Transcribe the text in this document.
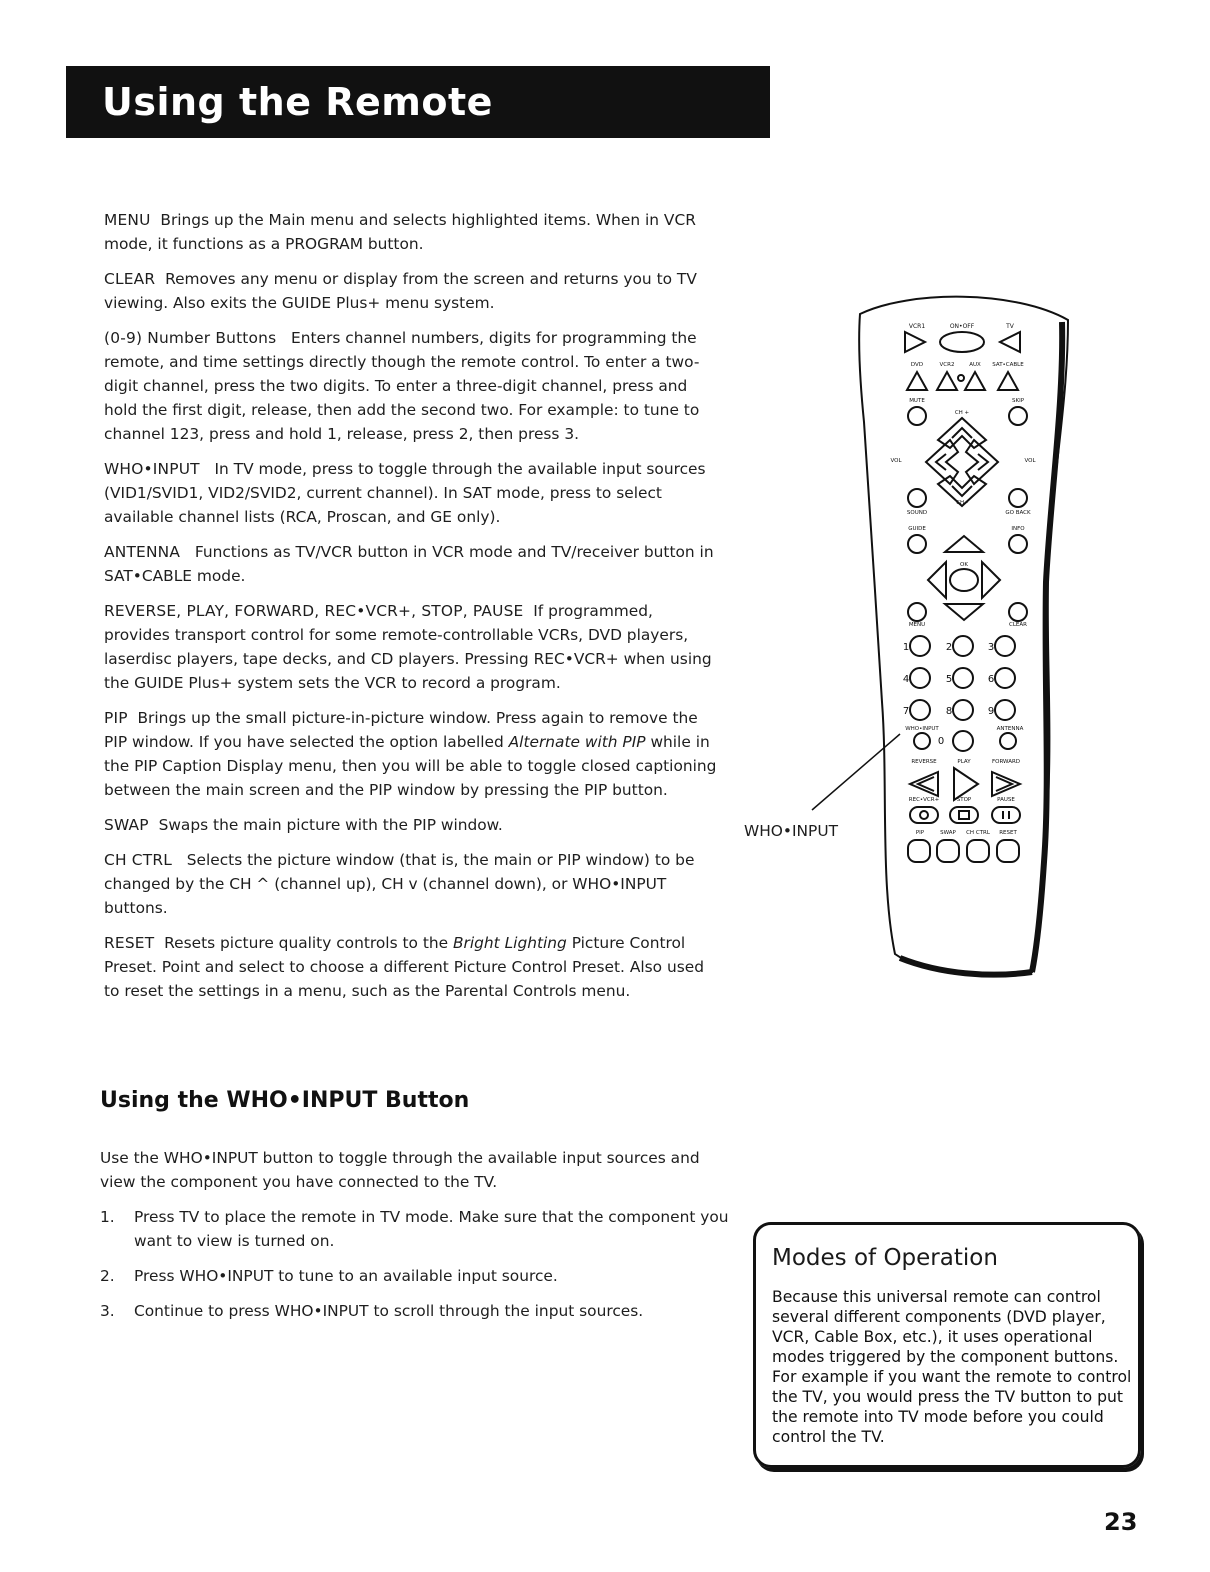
Using the Remote

MENU Brings up the Main menu and selects highlighted items. When in VCR mode, it functions as a PROGRAM button.

CLEAR Removes any menu or display from the screen and returns you to TV viewing. Also exits the GUIDE Plus+ menu system.

(0-9) Number Buttons Enters channel numbers, digits for programming the remote, and time settings directly though the remote control. To enter a two-digit channel, press the two digits. To enter a three-digit channel, press and hold the first digit, release, then add the second two. For example: to tune to channel 123, press and hold 1, release, press 2, then press 3.

WHO•INPUT In TV mode, press to toggle through the available input sources (VID1/SVID1, VID2/SVID2, current channel). In SAT mode, press to select available channel lists (RCA, Proscan, and GE only).

ANTENNA Functions as TV/VCR button in VCR mode and TV/receiver button in SAT•CABLE mode.

REVERSE, PLAY, FORWARD, REC•VCR+, STOP, PAUSE If programmed, provides transport control for some remote-controllable VCRs, DVD players, laserdisc players, tape decks, and CD players. Pressing REC•VCR+ when using the GUIDE Plus+ system sets the VCR to record a program.

PIP Brings up the small picture-in-picture window. Press again to remove the PIP window. If you have selected the option labelled Alternate with PIP while in the PIP Caption Display menu, then you will be able to toggle closed captioning between the main screen and the PIP window by pressing the PIP button.

SWAP Swaps the main picture with the PIP window.

CH CTRL Selects the picture window (that is, the main or PIP window) to be changed by the CH ^ (channel up), CH v (channel down), or WHO•INPUT buttons.

RESET Resets picture quality controls to the Bright Lighting Picture Control Preset. Point and select to choose a different Picture Control Preset. Also used to reset the settings in a menu, such as the Parental Controls menu.

Using the WHO•INPUT Button

Use the WHO•INPUT button to toggle through the available input sources and view the component you have connected to the TV.

1. Press TV to place the remote in TV mode. Make sure that the component you want to view is turned on.
2. Press WHO•INPUT to tune to an available input source.
3. Continue to press WHO•INPUT to scroll through the input sources.
WHO•INPUT
VCR1	ON•OFF	TV
DVD	VCR2	AUX SAT•CABLE
MUTE	SKIP
CH +
CH -
VOL	VOL
SOUND	GO BACK
GUIDE	INFO
OK
MENU	CLEAR
1	2	3
4	5	6
7	8	9
0
WHO•INPUT	ANTENNA
REVERSE	PLAY	FORWARD
REC•VCR+	STOP	PAUSE
PIP	SWAP CH CTRL RESET
Modes of Operation

Because this universal remote can control several different components (DVD player, VCR, Cable Box, etc.), it uses operational modes triggered by the component buttons. For example if you want the remote to control the TV, you would press the TV button to put the remote into TV mode before you could control the TV.

23
